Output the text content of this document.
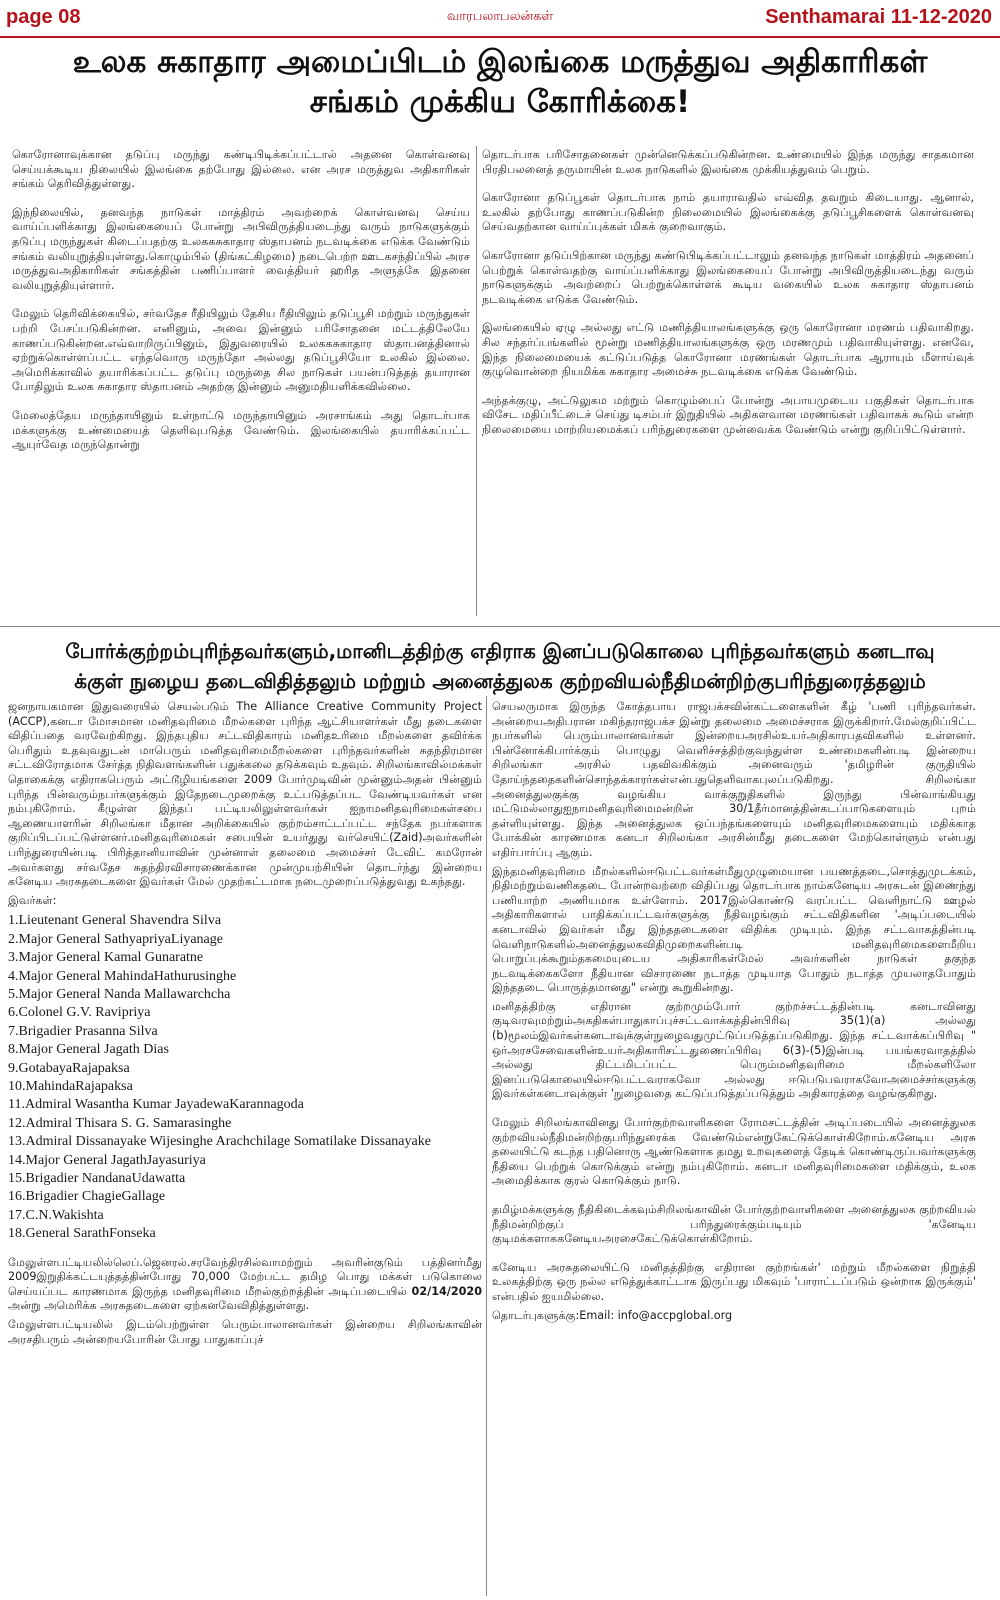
page 08	வாரபலாபலன்கள்	Senthamarai 11-12-2020
உலக சுகாதார அமைப்பிடம் இலங்கை மருத்துவ அதிகாரிகள்
சங்கம் முக்கிய கோரிக்கை!

கொரோனாவுக்கான தடுப்பு மருந்து கண்டிபிடிக்கப்பட்டால் அதனை கொள்வனவு செய்யக்கூடிய நிலையில் இலங்கை தற்போது இல்லை. என அரச மருத்துவ அதிகாரிகள் சங்கம் தெரிவித்துள்ளது.

இந்நிலையில், தனவந்த நாடுகள் மாத்திரம் அவற்றைக் கொள்வனவு செய்ய வாய்ப்பளிக்காது இலங்கையைப் போன்று அபிவிருத்தியடைந்து வரும் நாடுகளுக்கும் தடுப்பு மருந்துகள் கிடைப்பதற்கு உலககசுகாதார ஸ்தாபனம் நடவடிக்கை எடுக்க வேண்டும் சங்கம் வலியுறுத்தியுள்ளது.கொழும்பில் (திங்கட்கிழமை) நடைபெற்ற ஊடகசந்திப்பில் அரச மருத்துவஅதிகாரிகள் சங்கத்தின் பணிப்பாளர் வைத்தியர் ஹரித அளுத்கே இதனை வலியுறுத்தியுள்ளார்.

மேலும் தெரிவிக்கையில், சர்வதேச ரீதியிலும் தேசிய ரீதியிலும் தடுப்பூசி மற்றும் மருந்துகள் பற்றி பேசப்படுகின்றன. எனினும், அவை இன்னும் பரிசோதனை மட்டத்திலேயே காணப்படுகின்றன.எவ்வாறிருப்பினும், இதுவரையில் உலககசுகாதார ஸ்தாபனத்தினால் ஏற்றுக்கொள்ளப்பட்ட எந்தவொரு மருந்தோ அல்லது தடுப்பூசியோ உலகில் இல்லை. அமெரிக்காவில் தயாரிக்கப்பட்ட தடுப்பு மருந்தை சில நாடுகள் பயன்படுத்தத் தயாரான போதிலும் உலக சுகாதார ஸ்தாபனம் அதற்கு இன்னும் அனுமதியளிக்கவில்லை.

மேலைத்தேய மருந்தாயினும் உள்நாட்டு மருந்தாயினும் அரசாங்கம் அது தொடர்பாக மக்களுக்கு உண்மையைத் தெளிவுபடுத்த வேண்டும். இலங்கையில் தயாரிக்கப்பட்ட ஆயுர்வேத மருந்தொன்று

தொடர்பாக பரிசோதனைகள் முன்னெடுக்கப்படுகின்றன. உண்மையில் இந்த மருந்து சாதகமான பிரதிபலனைத் தருமாயின் உலக நாடுகளில் இலங்கை முக்கியத்துவம் பெறும்.

கொரோனா தடுப்பூகள் தொடர்பாக நாம் தயாராவதில் எவ்வித தவறும் கிடையாது. ஆனால், உலகில் தற்போது காணப்படுகின்ற நிலைமையில் இலங்கைக்கு தடுப்பூசிகளைக் கொள்வனவு செய்வதற்கான வாய்ப்புக்கள் மிகக் குறைவாகும்.

கொரோனா தடுப்பிற்கான மருந்து கண்டுபிடிக்கப்பட்டாலும் தனவந்த நாடுகள் மாத்திரம் அதனைப் பெற்றுக் கொள்வதற்கு வாய்ப்பளிக்காது இலங்கையைப் போன்று அபிவிருத்தியடைந்து வரும் நாடுகளுக்கும் அவற்றைப் பெற்றுக்கொள்ளக் கூடிய வகையில் உலக சுகாதார ஸ்தாபனம் நடவடிக்கை எடுக்க வேண்டும்.

இலங்கையில் ஏழு அல்லது எட்டு மணித்தியாலங்களுக்கு ஒரு கொரோனா மரணம் பதிவாகிறது. சில சந்தர்ப்பங்களில் மூன்று மணித்தியாலங்களுக்கு ஒரு மரணமும் பதிவாகியுள்ளது. எனவே, இந்த நிலைமையைக் கட்டுப்படுத்த கொரோனா மரணங்கள் தொடர்பாக ஆராயும் மீளாய்வுக் குழுவொன்றை நியமிக்க சுகாதார அமைச்சு நடவடிக்கை எடுக்க வேண்டும்.

அந்தக்குழு, அட்டுலுகம மற்றும் கொழும்பைப் போன்று அபாயமுடைய பகுதிகள் தொடர்பாக விசேட மதிப்பீட்டைச் செய்து டிசம்பர் இறுதியில் அதிகளவான மரணங்கள் பதிவாகக் கூடும் என்ற நிலைமையை மாற்றியமைக்கப் பரிந்துரைகளை முன்வைக்க வேண்டும் என்று குறிப்பிட்டுள்ளார்.

போர்க்குற்றம்புரிந்தவர்களும்,மானிடத்திற்கு எதிராக இனப்படுகொலை புரிந்தவர்களும் கனடாவு
க்குள் நுழைய தடைவிதித்தலும் மற்றும் அனைத்துலக குற்றவியல்நீதிமன்றிற்குபரிந்துரைத்தலும்

ஜனநாயகமான இதுவரையில் செயல்படும் The Alliance Creative Community Project (ACCP),கனடா மோசமான மனிதவுரிமை மீறல்களை புரிந்த ஆட்சியாளர்கள் மீது தடைகளை விதிப்பதை வரவேற்கிறது. இந்தபுதிய சட்டவிதிகாரம் மனிதஉரிமை மீறல்களை தவிர்க்க பெரிதும் உதவுவதுடன் மாபெரும் மனிதவுரிமைமீறல்களை புரிந்தவர்களின் சுதந்திரமான சட்டவிரோதமாக சேர்த்த நிதிவளங்களின் பதுக்கலை தடுக்கவும் உதவும். சிறிலங்காவில்மக்கள் தொகைக்கு எதிராகபெரும் அட்டூழியங்களை 2009 போர்முடிவின் முன்னும்அதன் பின்னும் புரிந்த பின்வரும்நபர்களுக்கும் இதேநடைமுறைக்கு உட்படுத்தப்பட வேண்டியவர்கள் என நம்புகிறோம். கீழுள்ள இந்தப் பட்டியலிலுள்ளவர்கள் ஐநாமனிதவுரிமைகள்சபை ஆணையாளரின் சிறிலங்கா மீதான அறிக்கையில் குற்றம்சாட்டப்பட்ட சந்தேக நபர்களாக குறிப்பிடப்பட்டுள்ளனர்.மனிதவுரிமைகள் சபையின் உயர்துது வர்செயிட்(Zaid)அவர்களின் பரிந்துரையின்படி பிரித்தானியாவின் முன்னாள் தலைமை அமைச்சர் டேவிட் கமரோன் அவர்களது சர்வதேச சுதந்திரவிசாரணைக்கான முன்முயற்சியின் தொடர்ந்து இன்றைய கனேடிய அரசுதடைகளை இவர்கள் மேல் முதற்கட்டமாக நடைமுறைப்படுத்துவது உகந்தது.

இவர்கள்:

1.Lieutenant General Shavendra Silva
2.Major General SathyapriyaLiyanage
3.Major General Kamal Gunaratne
4.Major General MahindaHathurusinghe
5.Major General Nanda Mallawarchcha
6.Colonel G.V. Ravipriya
7.Brigadier Prasanna Silva
8.Major General Jagath Dias
9.GotabayaRajapaksa
10.MahindaRajapaksa
11.Admiral Wasantha Kumar JayadewaKarannagoda
12.Admiral Thisara S. G. Samarasinghe
13.Admiral Dissanayake Wijesinghe Arachchilage Somatilake Dissanayake
14.Major General JagathJayasuriya
15.Brigadier NandanaUdawatta
16.Brigadier ChagieGallage
17.C.N.Wakishta
18.General SarathFonseka

மேலுள்ளபட்டியலில்லெப்.ஜெனரல்.சரவேந்திரசில்வாமற்றும் அவரின்குடும் பத்தினர்மீது 2009இறுதிக்கட்டயுத்தத்தின்போது 70,000 மேற்பட்ட தமிழ பொது மக்கள் படுகொலை செய்யப்பட காரணமாக இருந்த மனிதவுரிமை மீறல்குற்றத்தின் அடிப்படையில் 02/14/2020 அன்று அமெரிக்க அரசுதடைகளை ஏற்கனவேவிதித்துள்ளது.

மேலுள்ளபட்டியலில் இடம்பெற்றுள்ள பெரும்பாலானவர்கள் இன்றைய சிறிலங்காவின் அரசதிபரும் அன்றையபோரின் போது பாதுகாப்புச்

செயலருமாக இருந்த கோத்தபாய ராஜபக்சவின்கட்டளைகளின் கீழ் 'பணி புரிந்தவர்கள். அன்றையஅதிபரான மகிந்தராஜபக்ச இன்று தலைமை அமைச்சராக இருக்கிறார்.மேல்குறிப்பிட்ட நபர்களில் பெரும்பாலானவர்கள் இன்றையஅரசில்உயர்அதிகாரபதவிகளில் உள்ளனர். பின்னோக்கிபார்க்கும் பொழுது வெளிச்சத்திற்குவந்துள்ள உண்மைகளின்படி இன்றைய சிறிலங்கா அரசில் பதவிவகிக்கும் அனைவரும் 'தமிழரின் குருதியில் தோய்ந்ததைகளின்சொந்தக்காரர்கள்என்பதுதெளிவாகபுலப்படுகிறது. சிறிலங்கா அனைத்துலகுக்கு வழங்கிய வாக்குறுதிகளில் இருந்து பின்வாங்கியது மட்டுமல்லாதுஐநாமனிதவுரிமைமன்றின் 30/1தீர்மானத்தின்கடப்பாடுகளையும் புறம் தள்ளியுள்ளது. இந்த அனைத்துலக ஒப்பந்தங்களையும் மனிதவுரிமைகளையும் மதிக்காத போக்கின் காரணமாக கனடா சிறிலங்கா அரசின்மீது தடைகளை மேற்கொள்ளும் என்பது எதிர்பார்ப்பு ஆகும்.

இந்தமனிதவுரிமை மீறல்களில்ஈடுபட்டவர்கள்மீதுமுழுமையான பயணத்தடை,சொத்துமுடக்கம், நிதிமற்றும்வணிகதடை போன்றவற்றை விதிப்பது தொடர்பாக நாம்கனேடிய அரசுடன் இணைந்து பணியாற்ற அணியமாக உள்ளோம். 2017இல்கொண்டு வரப்பட்ட வெளிநாட்டு ஊழல் அதிகாரிகளால் பாதிக்கப்பட்டவர்களுக்கு நீதிவழங்கும் சட்டவிதிகளின 'அடிப்படையில் கனடாவில் இவர்கள் மீது இந்ததடைகளை விதிக்க முடியும். இந்த சட்டவாகத்தின்படி வெளிநாடுகளில்அனைத்துலகவிதிமுறைகளின்படி மனிதவுரிமைகளைமீறிய பொறுப்புக்கூறும்தகமையுடைய அதிகாரிகள்மேல் அவர்களின் நாடுகள் தகுந்த நடவடிக்கைகளோ நீதியான விசாரணை நடாத்த முடியாத போதும் நடாத்த முயலாதபோதும் இந்ததடை பொருத்தமானது" என்று கூறுகின்றது.

மனிதத்திற்கு எதிரான குற்றமும்போர் குற்றச்சட்டத்தின்படி கனடாவினது குடிவரவுமற்றும்அகதிகள்பாதுகாப்புச்சட்டவாக்கத்தின்பிரிவு 35(1)(a) அல்லது (b)மூலம்இவர்கள்கனடாவுக்குள்நுழைவதுமுட்டுப்படுத்தப்படுகிறது. இந்த சட்டவாக்கப்பிரிவு " ஒர்அரசசேவைகளின்உயர்அதிகாரிசட்டதுணைப்பிரிவு 6(3)-(5)இன்படி பயங்கரவாதத்தில் அல்லது திட்டமிடப்பட்ட பெரும்மனிதவுரிமை மீறல்களிலோ இனப்படுகொலையில்ஈடுபட்டவராகவோ அல்லது ஈடுபடுபவராகவோஅமைச்சர்களுக்கு இவர்கள்கனடாவுக்குள் 'நுழைவதை கட்டுப்படுத்தப்படுத்தும் அதிகாரத்தை வழங்குகிறது.

மேலும் சிறிலங்காவினது போர்குற்றவாளிகளை ரோமசட்டத்தின் அடிப்படையில் அனைத்துலக குற்றவியல்நீதிமன்றிற்குபரிந்துரைக்க வேண்டும்என்றுகேட்டுக்கொள்கிறோம்.கனேடிய அரசு தலையிட்டு கடந்த பதினொரு ஆண்டுகளாக தமது உறவுகளைத் தேடிக் கொண்டிருப்பவர்களுக்கு நீதியை பெற்றுக் கொடுக்கும் என்று நம்புகிறோம். கனடா மனிதவுரிமைகளை மதிக்கும், உலக அமைதிக்காக குரல் கொடுக்கும் நாடு.

தமிழ்மக்களுக்கு நீதிகிடைக்கவும்சிறிலங்காவின் போர்குற்றவாளிகளை அனைத்துலக குற்றவியல் நீதிமன்றிற்குப் பரிந்துரைக்கும்படியும் 'கனேடிய குடிமக்களாககனேடியஅரசைகேட்டுக்கொள்கிறோம்.

கனேடிய அரசுதலையிட்டு மனிதத்திற்கு எதிரான குற்றங்கள்' மற்றும் மீறல்களை நிறுத்தி உலகத்திற்கு ஒரு நல்ல எடுத்துக்காட்டாக இருப்பது மிகவும் 'பாராட்டப்படும் ஒன்றாக இருக்கும்' என்பதில் ஐயமில்லை.

தொடர்புகளுக்கு:Email: info@accpglobal.org
